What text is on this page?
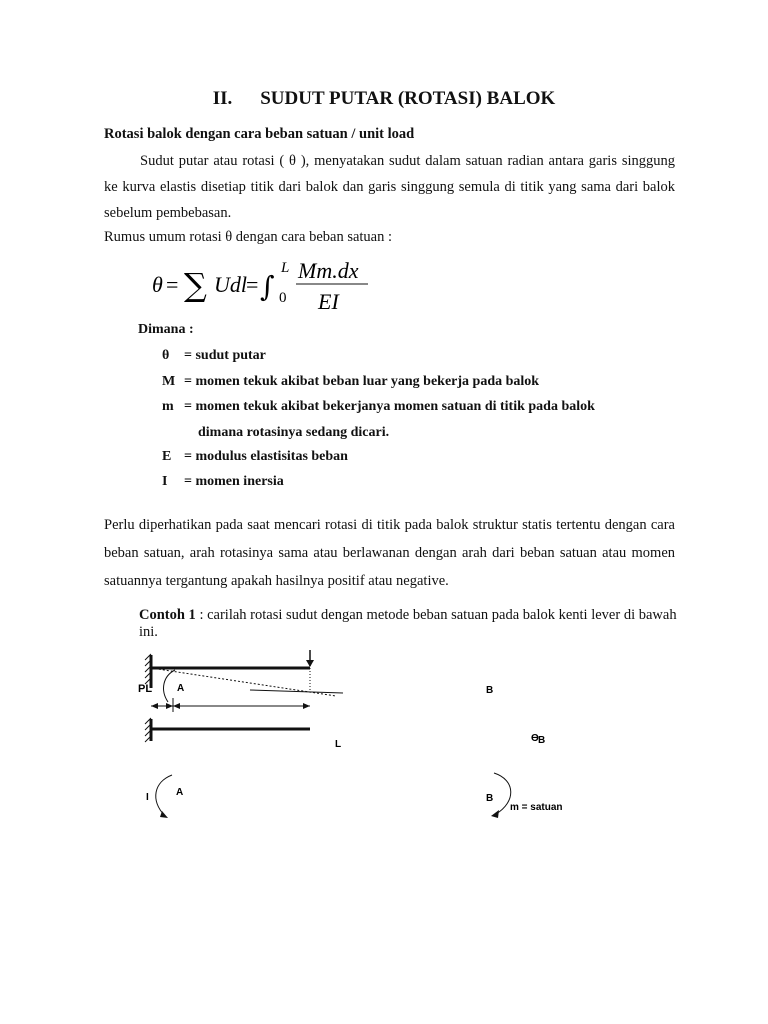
II. SUDUT PUTAR (ROTASI) BALOK
Rotasi balok dengan cara beban satuan / unit load

Sudut putar atau rotasi ( θ ), menyatakan sudut dalam satuan radian antara garis singgung ke kurva elastis disetiap titik dari balok dan garis singgung semula di titik yang sama dari balok sebelum pembebasan.

Rumus umum rotasi θ dengan cara beban satuan :
θ = ∑ Udl = ∫
L
0
Mm.dx
EI
Dimana :
θ = sudut putar
M = momen tekuk akibat beban luar yang bekerja pada balok
m = momen tekuk akibat bekerjanya momen satuan di titik pada balok
dimana rotasinya sedang dicari.
E = modulus elastisitas beban
I = momen inersia

Perlu diperhatikan pada saat mencari rotasi di titik pada balok struktur statis tertentu dengan cara beban satuan, arah rotasinya sama atau berlawanan dengan arah dari beban satuan atau momen satuannya tergantung apakah hasilnya positif atau negative.

Contoh 1 : carilah rotasi sudut dengan metode beban satuan pada balok kenti lever di bawah ini.
PL A	B
L
ϴ B
I	A
B
m = satuan
